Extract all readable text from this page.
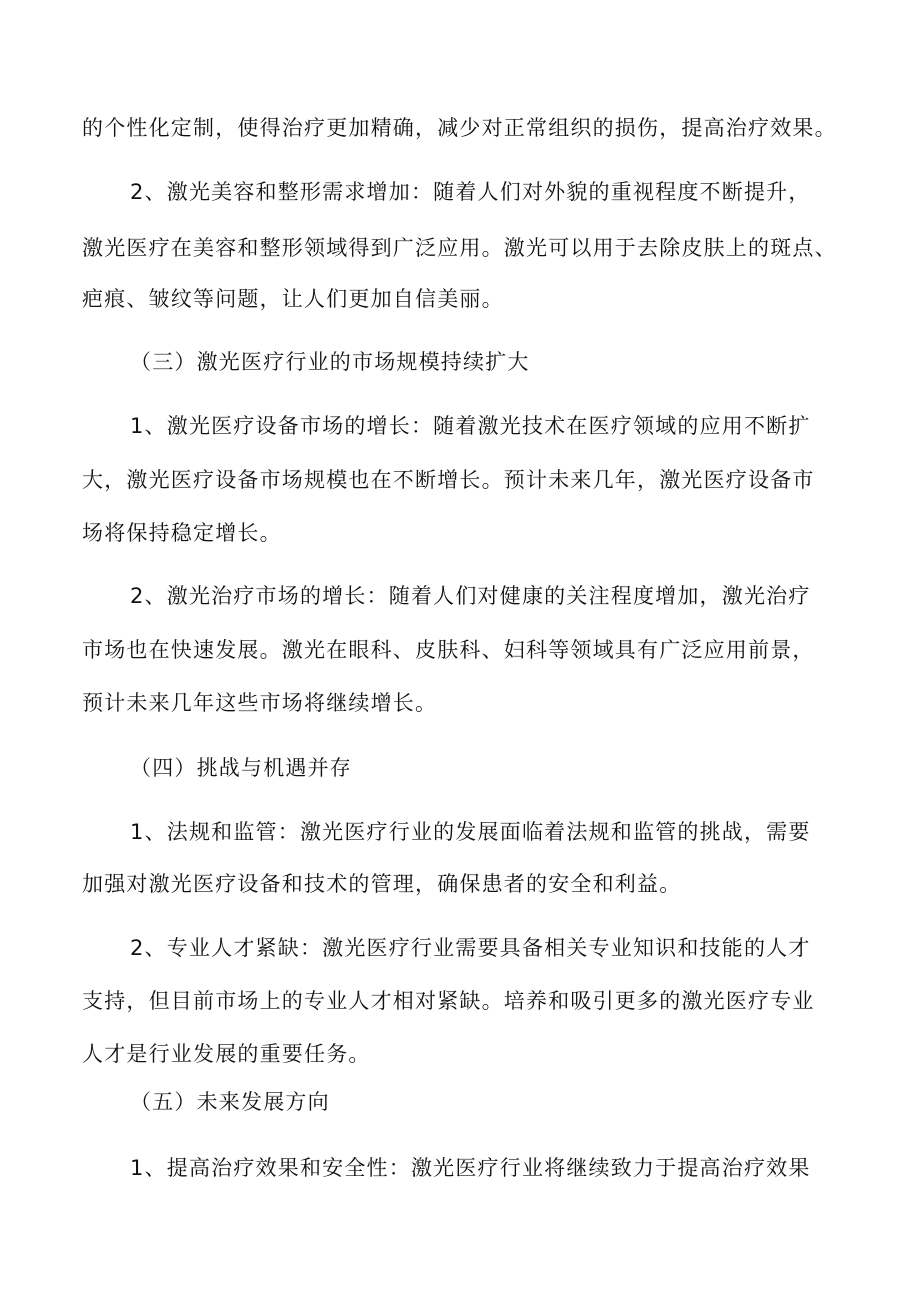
的个性化定制，使得治疗更加精确，减少对正常组织的损伤，提高治疗效果。
2、激光美容和整形需求增加：随着人们对外貌的重视程度不断提升，
激光医疗在美容和整形领域得到广泛应用。激光可以用于去除皮肤上的斑点、
疤痕、皱纹等问题，让人们更加自信美丽。
（三）激光医疗行业的市场规模持续扩大
1、激光医疗设备市场的增长：随着激光技术在医疗领域的应用不断扩
大，激光医疗设备市场规模也在不断增长。预计未来几年，激光医疗设备市
场将保持稳定增长。
2、激光治疗市场的增长：随着人们对健康的关注程度增加，激光治疗
市场也在快速发展。激光在眼科、皮肤科、妇科等领域具有广泛应用前景，
预计未来几年这些市场将继续增长。
（四）挑战与机遇并存
1、法规和监管：激光医疗行业的发展面临着法规和监管的挑战，需要
加强对激光医疗设备和技术的管理，确保患者的安全和利益。
2、专业人才紧缺：激光医疗行业需要具备相关专业知识和技能的人才
支持，但目前市场上的专业人才相对紧缺。培养和吸引更多的激光医疗专业
人才是行业发展的重要任务。
（五）未来发展方向
1、提高治疗效果和安全性：激光医疗行业将继续致力于提高治疗效果
